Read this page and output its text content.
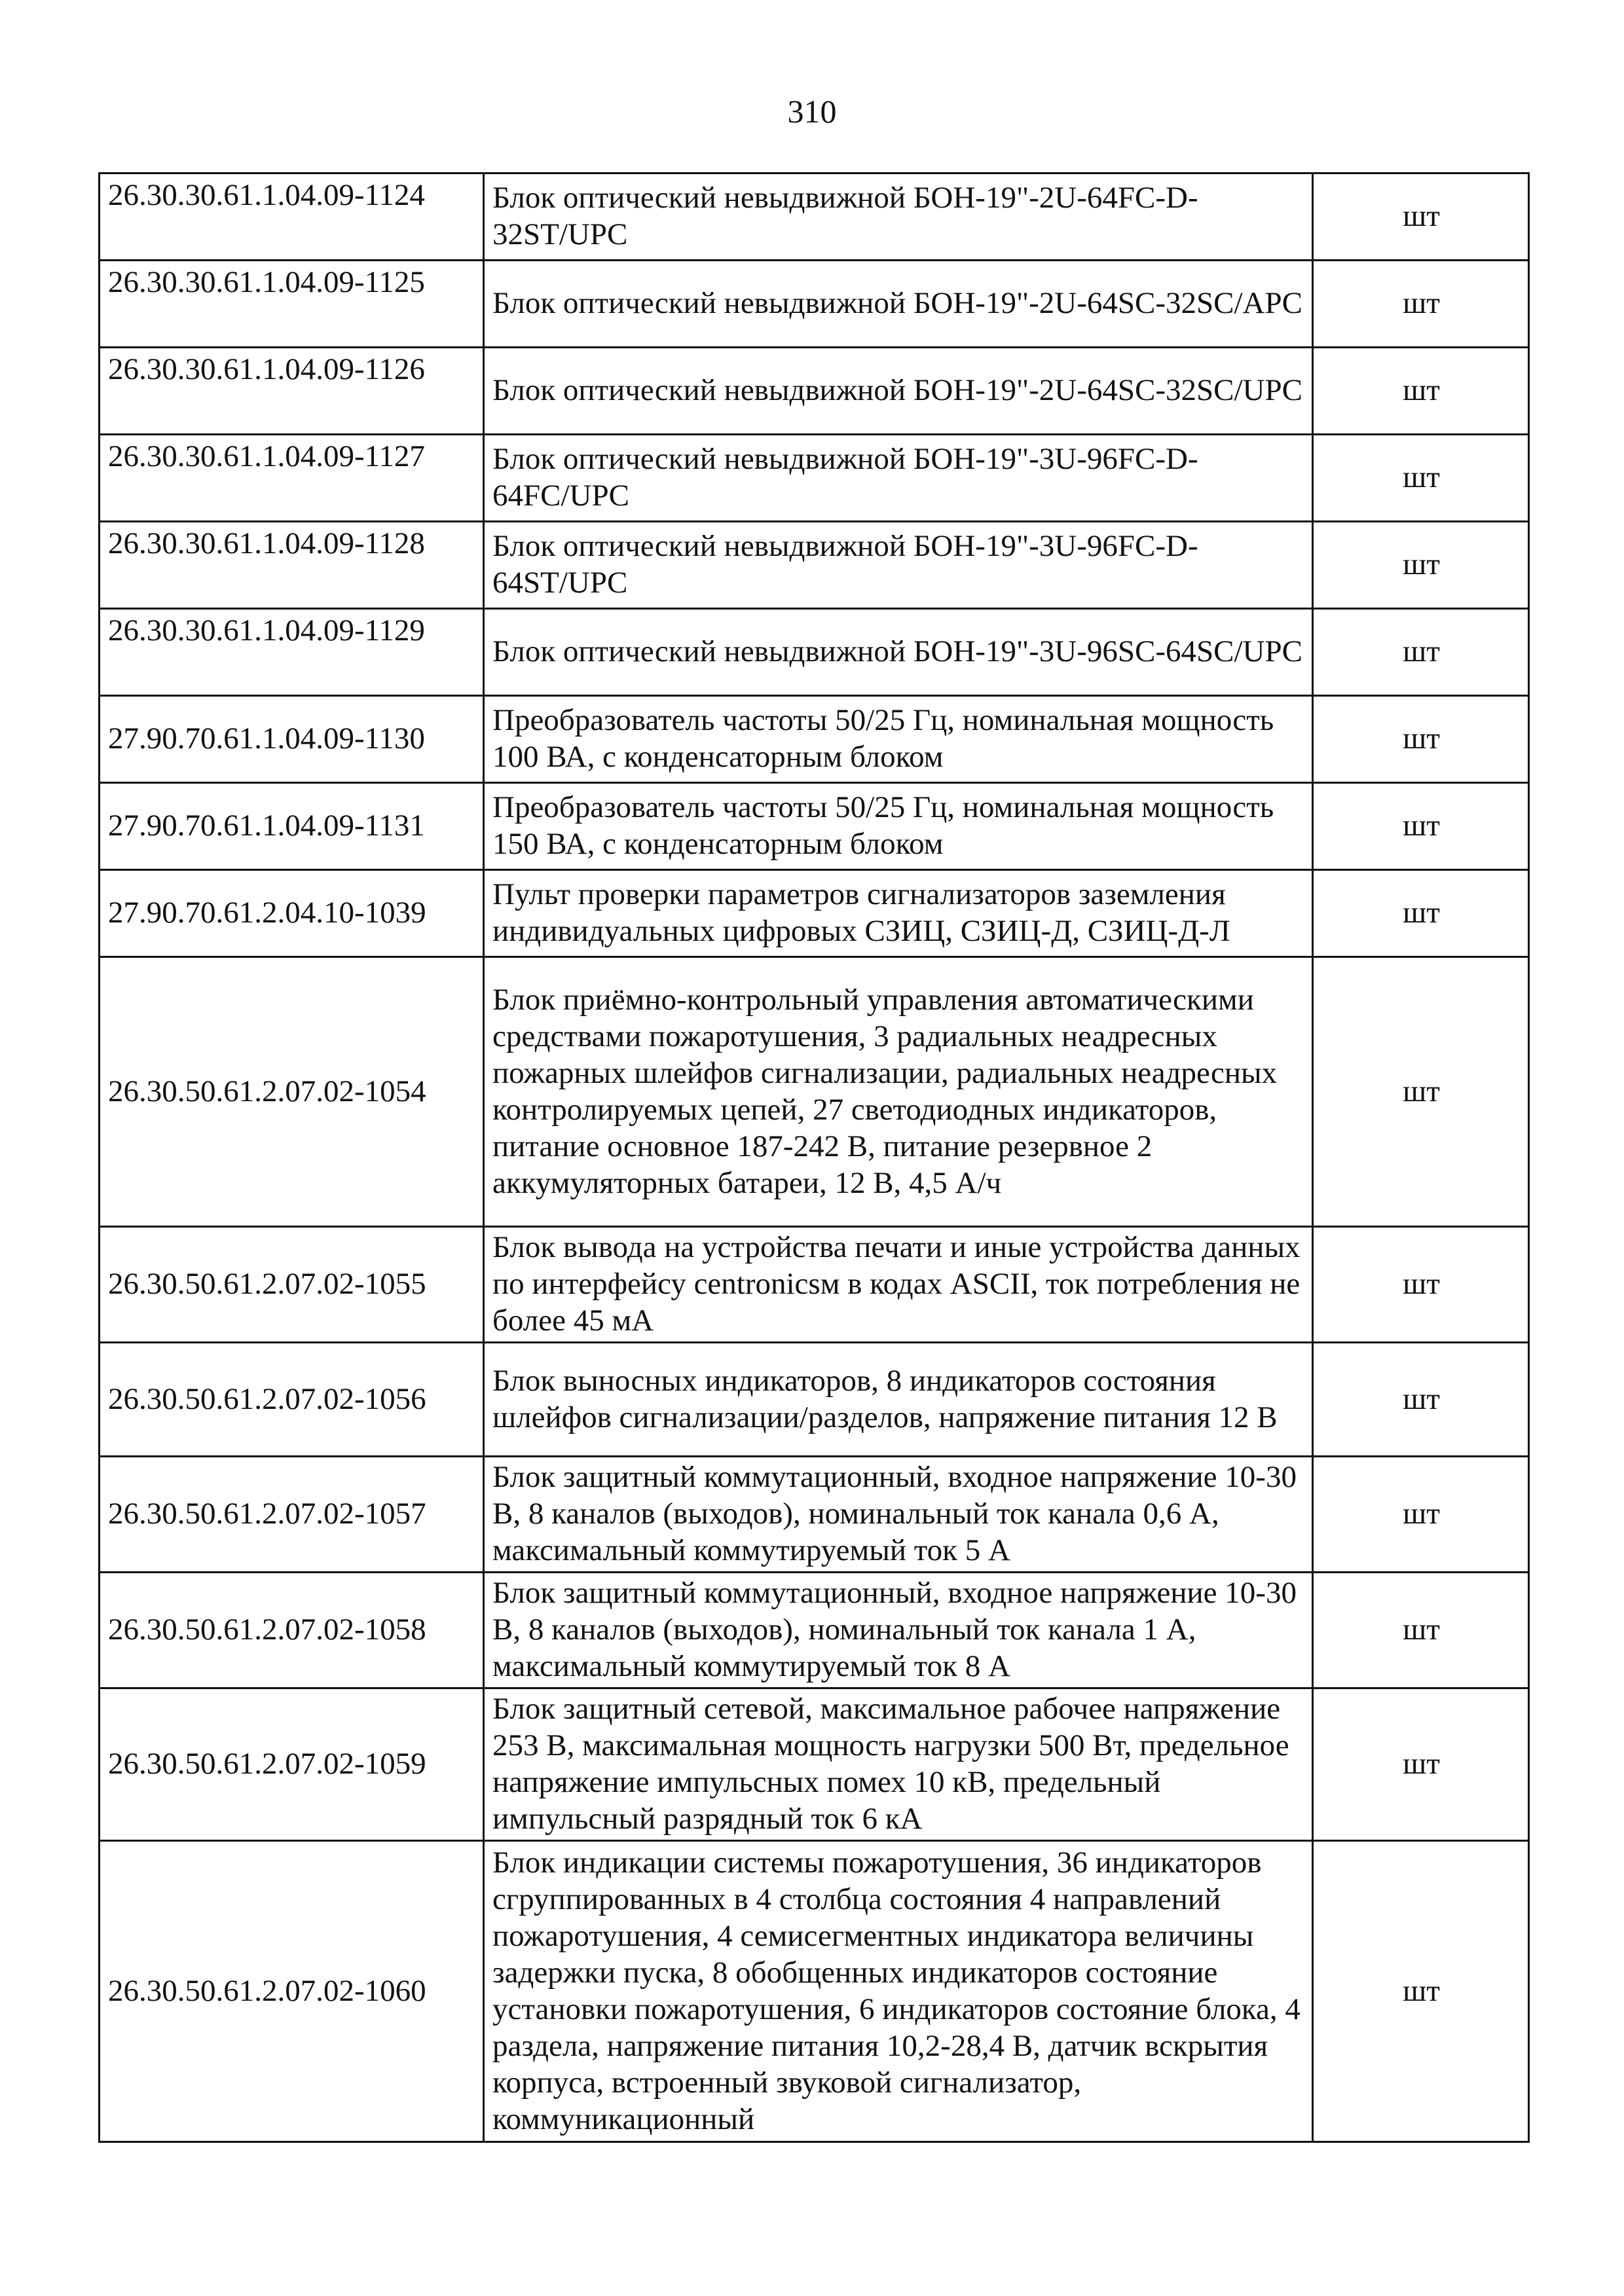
310
26.30.30.61.1.04.09-1124	Блок оптический невыдвижной БОН-19"-2U-64FC-D-32ST/UPC	шт
26.30.30.61.1.04.09-1125	Блок оптический невыдвижной БОН-19"-2U-64SC-32SC/APC	шт
26.30.30.61.1.04.09-1126	Блок оптический невыдвижной БОН-19"-2U-64SC-32SC/UPC	шт
26.30.30.61.1.04.09-1127	Блок оптический невыдвижной БОН-19"-3U-96FC-D-64FC/UPC	шт
26.30.30.61.1.04.09-1128	Блок оптический невыдвижной БОН-19"-3U-96FC-D-64ST/UPC	шт
26.30.30.61.1.04.09-1129	Блок оптический невыдвижной БОН-19"-3U-96SC-64SC/UPC	шт
27.90.70.61.1.04.09-1130	Преобразователь частоты 50/25 Гц, номинальная мощность 100 ВА, с конденсаторным блоком	шт
27.90.70.61.1.04.09-1131	Преобразователь частоты 50/25 Гц, номинальная мощность 150 ВА, с конденсаторным блоком	шт
27.90.70.61.2.04.10-1039	Пульт проверки параметров сигнализаторов заземления индивидуальных цифровых СЗИЦ, СЗИЦ-Д, СЗИЦ-Д-Л	шт
26.30.50.61.2.07.02-1054	Блок приёмно-контрольный управления автоматическими средствами пожаротушения, 3 радиальных неадресных пожарных шлейфов сигнализации, радиальных неадресных контролируемых цепей, 27 светодиодных индикаторов, питание основное 187-242 В, питание резервное 2 аккумуляторных батареи, 12 В, 4,5 А/ч	шт
26.30.50.61.2.07.02-1055	Блок вывода на устройства печати и иные устройства данных по интерфейсу centronicsм в кодах ASCII, ток потребления не более 45 мА	шт
26.30.50.61.2.07.02-1056	Блок выносных индикаторов, 8 индикаторов состояния шлейфов сигнализации/разделов, напряжение питания 12 В	шт
26.30.50.61.2.07.02-1057	Блок защитный коммутационный, входное напряжение 10-30 В, 8 каналов (выходов), номинальный ток канала 0,6 А, максимальный коммутируемый ток 5 А	шт
26.30.50.61.2.07.02-1058	Блок защитный коммутационный, входное напряжение 10-30 В, 8 каналов (выходов), номинальный ток канала 1 А, максимальный коммутируемый ток 8 А	шт
26.30.50.61.2.07.02-1059	Блок защитный сетевой, максимальное рабочее напряжение 253 В, максимальная мощность нагрузки 500 Вт, предельное напряжение импульсных помех 10 кВ, предельный импульсный разрядный ток 6 кА	шт
26.30.50.61.2.07.02-1060	Блок индикации системы пожаротушения, 36 индикаторов сгруппированных в 4 столбца состояния 4 направлений пожаротушения, 4 семисегментных индикатора величины задержки пуска, 8 обобщенных индикаторов состояние установки пожаротушения, 6 индикаторов состояние блока, 4 раздела, напряжение питания 10,2-28,4 В, датчик вскрытия корпуса, встроенный звуковой сигнализатор, коммуникационный	шт
